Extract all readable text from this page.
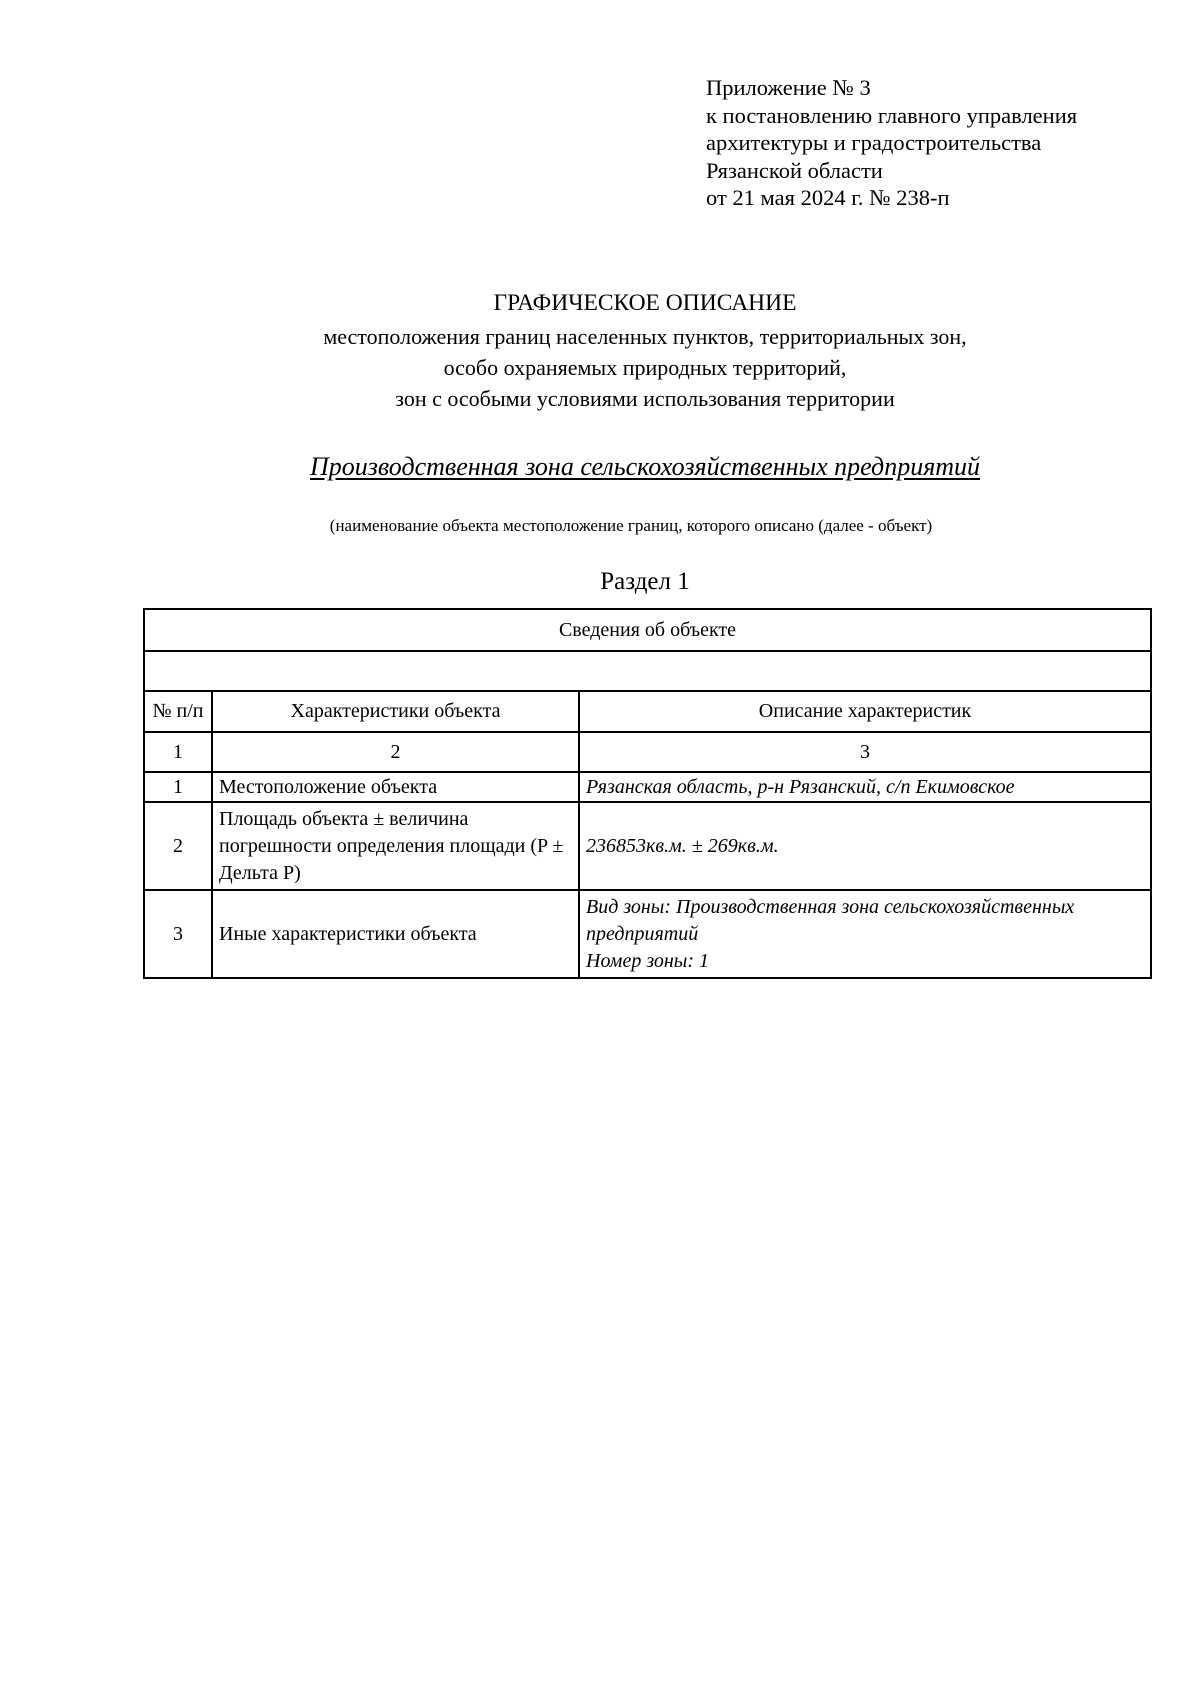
Приложение № 3
к постановлению главного управления
архитектуры и градостроительства
Рязанской области
от 21 мая 2024 г. № 238-п
ГРАФИЧЕСКОЕ ОПИСАНИЕ
местоположения границ населенных пунктов, территориальных зон,
особо охраняемых природных территорий,
зон с особыми условиями использования территории
Производственная зона сельскохозяйственных предприятий
(наименование объекта местоположение границ, которого описано (далее - объект)
Раздел 1
Сведения об объекте		

№ п/п	Характеристики объекта	Описание характеристик
1	2	3
1	Местоположение объекта	Рязанская область, р-н Рязанский, с/п Екимовское

2	Площадь объекта ± величина погрешности определения площади (P ± Дельта P)	236853кв.м. ± 269кв.м.

3	Иные характеристики объекта	Вид зоны: Производственная зона сельскохозяйственных предприятий
Номер зоны: 1
